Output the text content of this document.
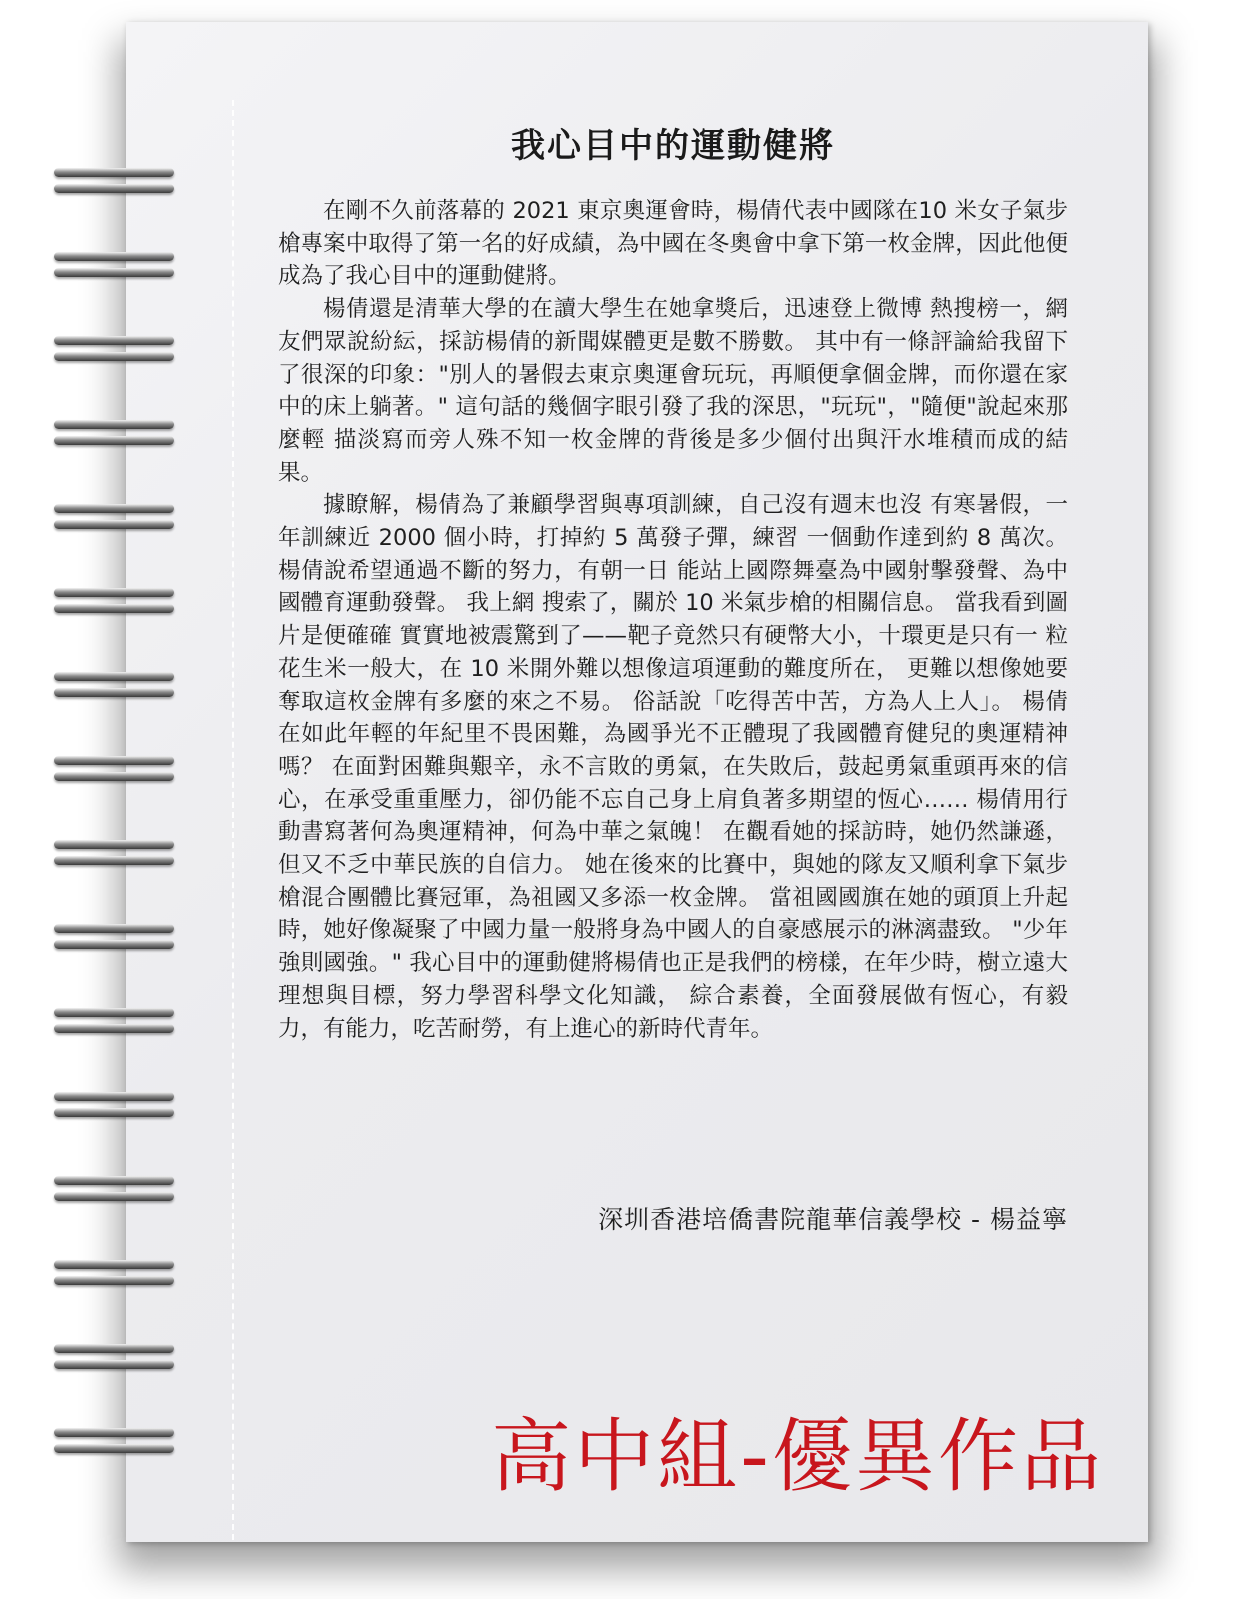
我心目中的運動健將

在剛不久前落幕的 2021 東京奧運會時，楊倩代表中國隊在10 米女子氣步槍專案中取得了第一名的好成績，為中國在冬奧會中拿下第一枚金牌，因此他便成為了我心目中的運動健將。

楊倩還是清華大學的在讀大學生在她拿獎后，迅速登上微博 熱搜榜一，網友們眾說紛紜，採訪楊倩的新聞媒體更是數不勝數。 其中有一條評論給我留下了很深的印象："別人的暑假去東京奧運會玩玩，再順便拿個金牌，而你還在家中的床上躺著。" 這句話的幾個字眼引發了我的深思，"玩玩"，"隨便"說起來那麼輕 描淡寫而旁人殊不知一枚金牌的背後是多少個付出與汗水堆積而成的結果。

據瞭解，楊倩為了兼顧學習與專項訓練，自己沒有週末也沒 有寒暑假，一年訓練近 2000 個小時，打掉約 5 萬發子彈，練習 一個動作達到約 8 萬次。 楊倩說希望通過不斷的努力，有朝一日 能站上國際舞臺為中國射擊發聲、為中國體育運動發聲。 我上網 搜索了，關於 10 米氣步槍的相關信息。 當我看到圖片是便確確 實實地被震驚到了——靶子竟然只有硬幣大小，十環更是只有一 粒花生米一般大，在 10 米開外難以想像這項運動的難度所在， 更難以想像她要奪取這枚金牌有多麼的來之不易。 俗話說「吃得苦中苦，方為人上人」。 楊倩在如此年輕的年紀里不畏困難，為國爭光不正體現了我國體育健兒的奧運精神嗎？ 在面對困難與艱辛，永不言敗的勇氣，在失敗后，鼓起勇氣重頭再來的信心，在承受重重壓力，卻仍能不忘自己身上肩負著多期望的恆心…… 楊倩用行動書寫著何為奧運精神，何為中華之氣魄！ 在觀看她的採訪時，她仍然謙遜，但又不乏中華民族的自信力。 她在後來的比賽中，與她的隊友又順利拿下氣步槍混合團體比賽冠軍，為祖國又多添一枚金牌。 當祖國國旗在她的頭頂上升起時，她好像凝聚了中國力量一般將身為中國人的自豪感展示的淋漓盡致。 "少年強則國強。" 我心目中的運動健將楊倩也正是我們的榜樣，在年少時，樹立遠大理想與目標，努力學習科學文化知識， 綜合素養，全面發展做有恆心，有毅力，有能力，吃苦耐勞，有上進心的新時代青年。

深圳香港培僑書院龍華信義學校 - 楊益寧
高中組-優異作品
